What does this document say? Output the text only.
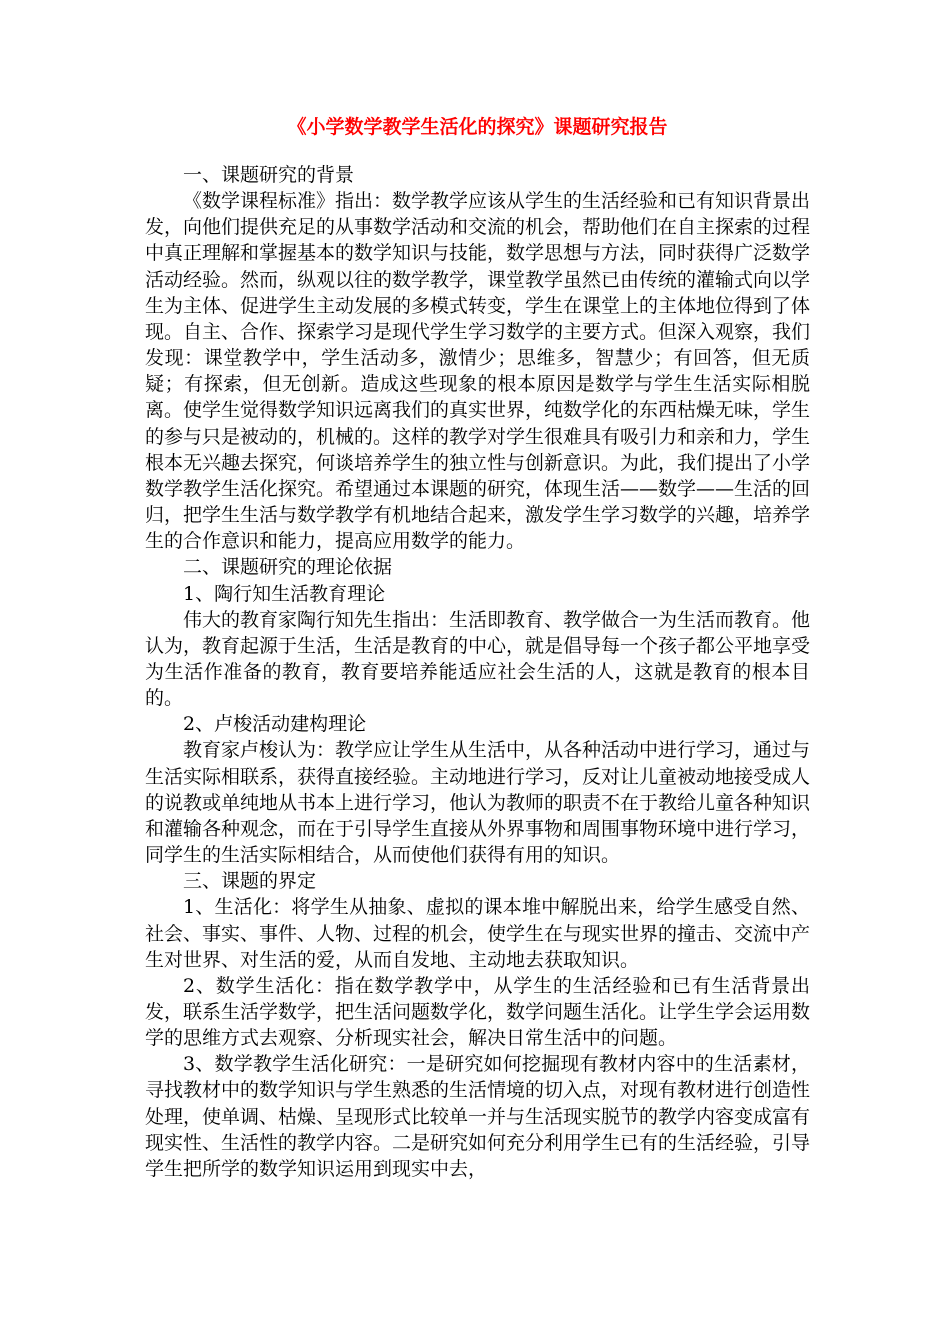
《小学数学教学生活化的探究》课题研究报告

一、课题研究的背景

《数学课程标准》指出：数学教学应该从学生的生活经验和已有知识背景出发，向他们提供充足的从事数学活动和交流的机会，帮助他们在自主探索的过程中真正理解和掌握基本的数学知识与技能，数学思想与方法，同时获得广泛数学活动经验。然而，纵观以往的数学教学，课堂教学虽然已由传统的灌输式向以学生为主体、促进学生主动发展的多模式转变，学生在课堂上的主体地位得到了体现。自主、合作、探索学习是现代学生学习数学的主要方式。但深入观察，我们发现：课堂教学中，学生活动多，激情少；思维多，智慧少；有回答，但无质疑；有探索，但无创新。造成这些现象的根本原因是数学与学生生活实际相脱离。使学生觉得数学知识远离我们的真实世界，纯数学化的东西枯燥无味，学生的参与只是被动的，机械的。这样的教学对学生很难具有吸引力和亲和力，学生根本无兴趣去探究，何谈培养学生的独立性与创新意识。为此，我们提出了小学数学教学生活化探究。希望通过本课题的研究，体现生活——数学——生活的回归，把学生生活与数学教学有机地结合起来，激发学生学习数学的兴趣，培养学生的合作意识和能力，提高应用数学的能力。

二、课题研究的理论依据

1、陶行知生活教育理论

伟大的教育家陶行知先生指出：生活即教育、教学做合一为生活而教育。他认为，教育起源于生活，生活是教育的中心，就是倡导每一个孩子都公平地享受为生活作准备的教育，教育要培养能适应社会生活的人，这就是教育的根本目的。

2、卢梭活动建构理论

教育家卢梭认为：教学应让学生从生活中，从各种活动中进行学习，通过与生活实际相联系，获得直接经验。主动地进行学习，反对让儿童被动地接受成人的说教或单纯地从书本上进行学习，他认为教师的职责不在于教给儿童各种知识和灌输各种观念，而在于引导学生直接从外界事物和周围事物环境中进行学习，同学生的生活实际相结合，从而使他们获得有用的知识。

三、课题的界定

1、生活化：将学生从抽象、虚拟的课本堆中解脱出来，给学生感受自然、社会、事实、事件、人物、过程的机会，使学生在与现实世界的撞击、交流中产生对世界、对生活的爱，从而自发地、主动地去获取知识。

2、数学生活化：指在数学教学中，从学生的生活经验和已有生活背景出发，联系生活学数学，把生活问题数学化，数学问题生活化。让学生学会运用数学的思维方式去观察、分析现实社会，解决日常生活中的问题。

3、数学教学生活化研究：一是研究如何挖掘现有教材内容中的生活素材，寻找教材中的数学知识与学生熟悉的生活情境的切入点，对现有教材进行创造性处理，使单调、枯燥、呈现形式比较单一并与生活现实脱节的教学内容变成富有现实性、生活性的教学内容。二是研究如何充分利用学生已有的生活经验，引导学生把所学的数学知识运用到现实中去，
